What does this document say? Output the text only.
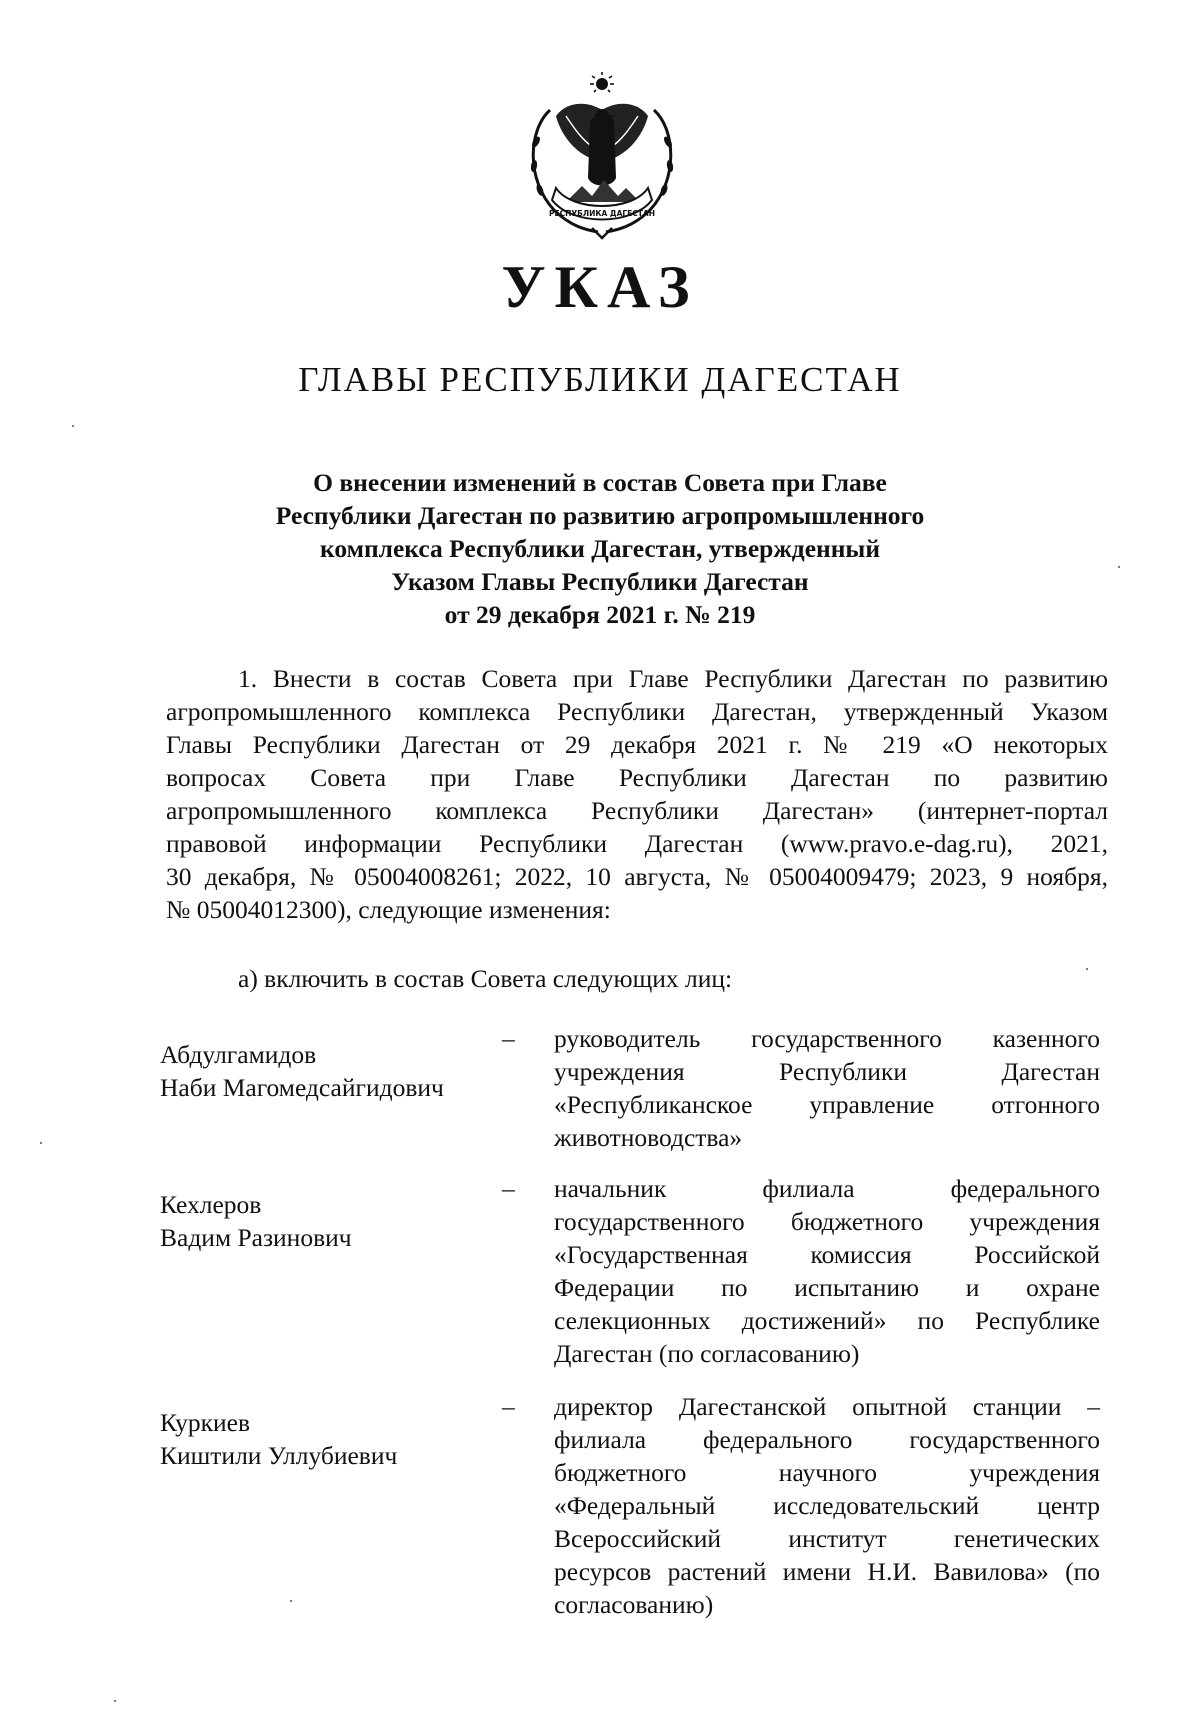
РЕСПУБЛИКА ДАГЕСТАН
УКАЗ
ГЛАВЫ РЕСПУБЛИКИ ДАГЕСТАН
О внесении изменений в состав Совета при Главе
Республики Дагестан по развитию агропромышленного
комплекса Республики Дагестан, утвержденный
Указом Главы Республики Дагестан
от 29 декабря 2021 г. № 219
1. Внести в состав Совета при Главе Республики Дагестан по развитию
агропромышленного комплекса Республики Дагестан, утвержденный Указом
Главы Республики Дагестан от 29 декабря 2021 г. № 219 «О некоторых
вопросах Совета при Главе Республики Дагестан по развитию
агропромышленного комплекса Республики Дагестан» (интернет-портал
правовой информации Республики Дагестан (www.pravo.e-dag.ru), 2021,
30 декабря, № 05004008261; 2022, 10 августа, № 05004009479; 2023, 9 ноября,
№ 05004012300), следующие изменения:
а) включить в состав Совета следующих лиц:
Абдулгамидов
Наби Магомедсайгидович
– руководитель государственного казенного
учреждения Республики Дагестан
«Республиканское управление отгонного
животноводства»
Кехлеров
Вадим Разинович
– начальник филиала федерального
государственного бюджетного учреждения
«Государственная комиссия Российской
Федерации по испытанию и охране
селекционных достижений» по Республике
Дагестан (по согласованию)
Куркиев
Киштили Уллубиевич
– директор Дагестанской опытной станции –
филиала федерального государственного
бюджетного научного учреждения
«Федеральный исследовательский центр
Всероссийский институт генетических
ресурсов растений имени Н.И. Вавилова» (по
согласованию)
